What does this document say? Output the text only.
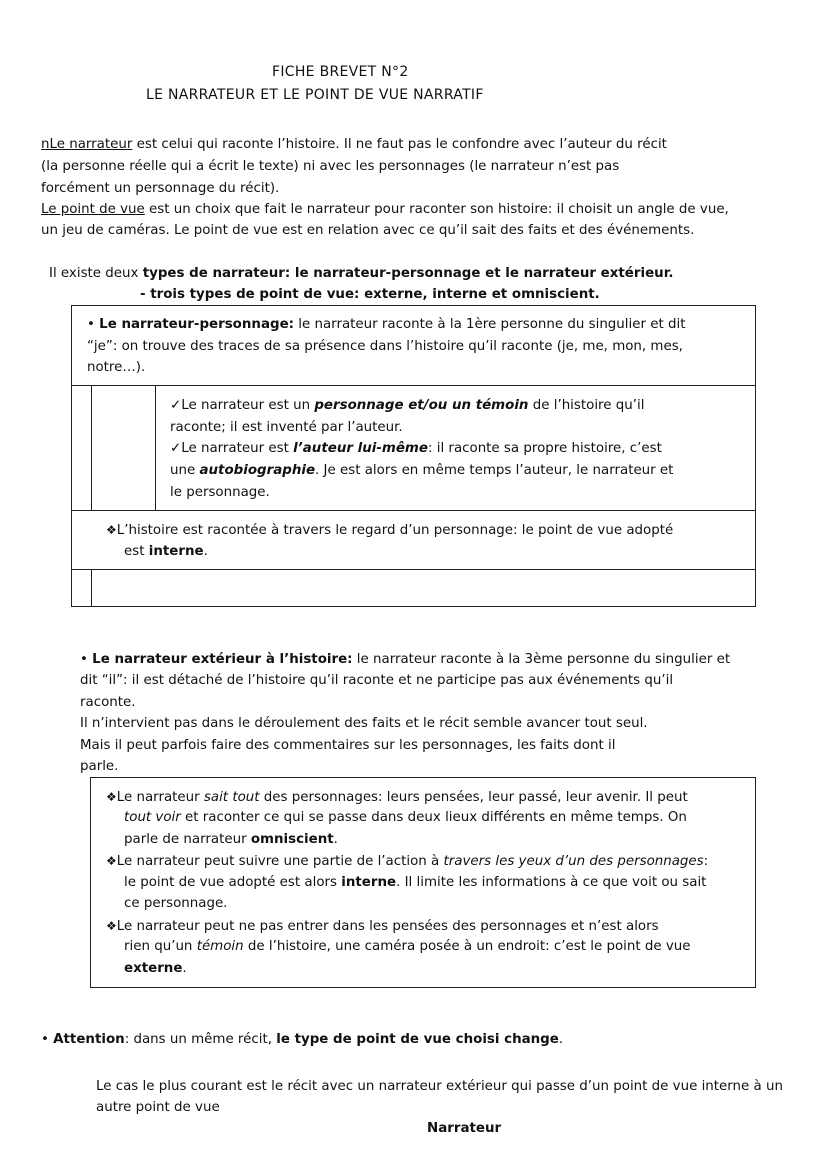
FICHE BREVET N°2
LE NARRATEUR ET LE POINT DE VUE NARRATIF
nLe narrateur est celui qui raconte l’histoire. Il ne faut pas le confondre avec l’auteur du récit
(la personne réelle qui a écrit le texte) ni avec les personnages (le narrateur n’est pas
forcément un personnage du récit).
Le point de vue est un choix que fait le narrateur pour raconter son histoire: il choisit un angle de vue,
un jeu de caméras. Le point de vue est en relation avec ce qu’il sait des faits et des événements.
Il existe deux types de narrateur: le narrateur-personnage et le narrateur extérieur.
- trois types de point de vue: externe, interne et omniscient.
• Le narrateur-personnage: le narrateur raconte à la 1ère personne du singulier et dit
“je”: on trouve des traces de sa présence dans l’histoire qu’il raconte (je, me, mon, mes,
notre…).
✓Le narrateur est un personnage et/ou un témoin de l’histoire qu’il
raconte; il est inventé par l’auteur.
✓Le narrateur est l’auteur lui-même: il raconte sa propre histoire, c’est
une autobiographie. Je est alors en même temps l’auteur, le narrateur et
le personnage.
❖L’histoire est racontée à travers le regard d’un personnage: le point de vue adopté
est interne.
• Le narrateur extérieur à l’histoire: le narrateur raconte à la 3ème personne du singulier et
dit “il”: il est détaché de l’histoire qu’il raconte et ne participe pas aux événements qu’il
raconte.
Il n’intervient pas dans le déroulement des faits et le récit semble avancer tout seul.
Mais il peut parfois faire des commentaires sur les personnages, les faits dont il
parle.
❖Le narrateur sait tout des personnages: leurs pensées, leur passé, leur avenir. Il peut
tout voir et raconter ce qui se passe dans deux lieux différents en même temps. On
parle de narrateur omniscient.
❖Le narrateur peut suivre une partie de l’action à travers les yeux d’un des personnages:
le point de vue adopté est alors interne. Il limite les informations à ce que voit ou sait
ce personnage.
❖Le narrateur peut ne pas entrer dans les pensées des personnages et n’est alors
rien qu’un témoin de l’histoire, une caméra posée à un endroit: c’est le point de vue
externe.
• Attention: dans un même récit, le type de point de vue choisi change.
Le cas le plus courant est le récit avec un narrateur extérieur qui passe d’un point de vue interne à un
autre point de vue
Narrateur
